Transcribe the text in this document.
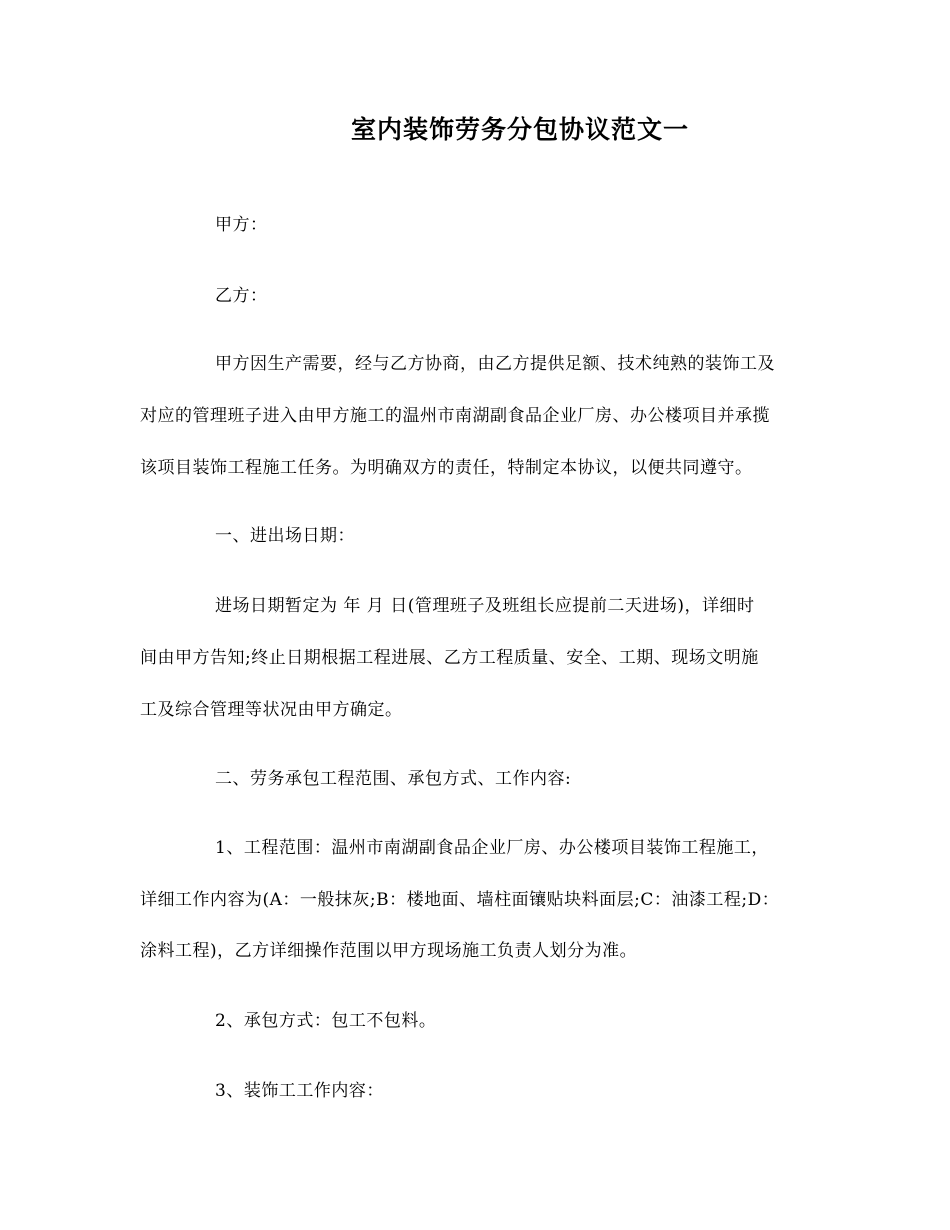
室内装饰劳务分包协议范文一
甲方：
乙方：
甲方因生产需要，经与乙方协商，由乙方提供足额、技术纯熟的装饰工及
对应的管理班子进入由甲方施工的温州市南湖副食品企业厂房、办公楼项目并承揽
该项目装饰工程施工任务。为明确双方的责任，特制定本协议，以便共同遵守。
一、进出场日期：
进场日期暂定为 年 月 日(管理班子及班组长应提前二天进场)，详细时
间由甲方告知;终止日期根据工程进展、乙方工程质量、安全、工期、现场文明施
工及综合管理等状况由甲方确定。
二、劳务承包工程范围、承包方式、工作内容:
1、工程范围：温州市南湖副食品企业厂房、办公楼项目装饰工程施工，
详细工作内容为(A：一般抹灰;B：楼地面、墙柱面镶贴块料面层;C：油漆工程;D：
涂料工程)，乙方详细操作范围以甲方现场施工负责人划分为准。
2、承包方式：包工不包料。
3、装饰工工作内容：
